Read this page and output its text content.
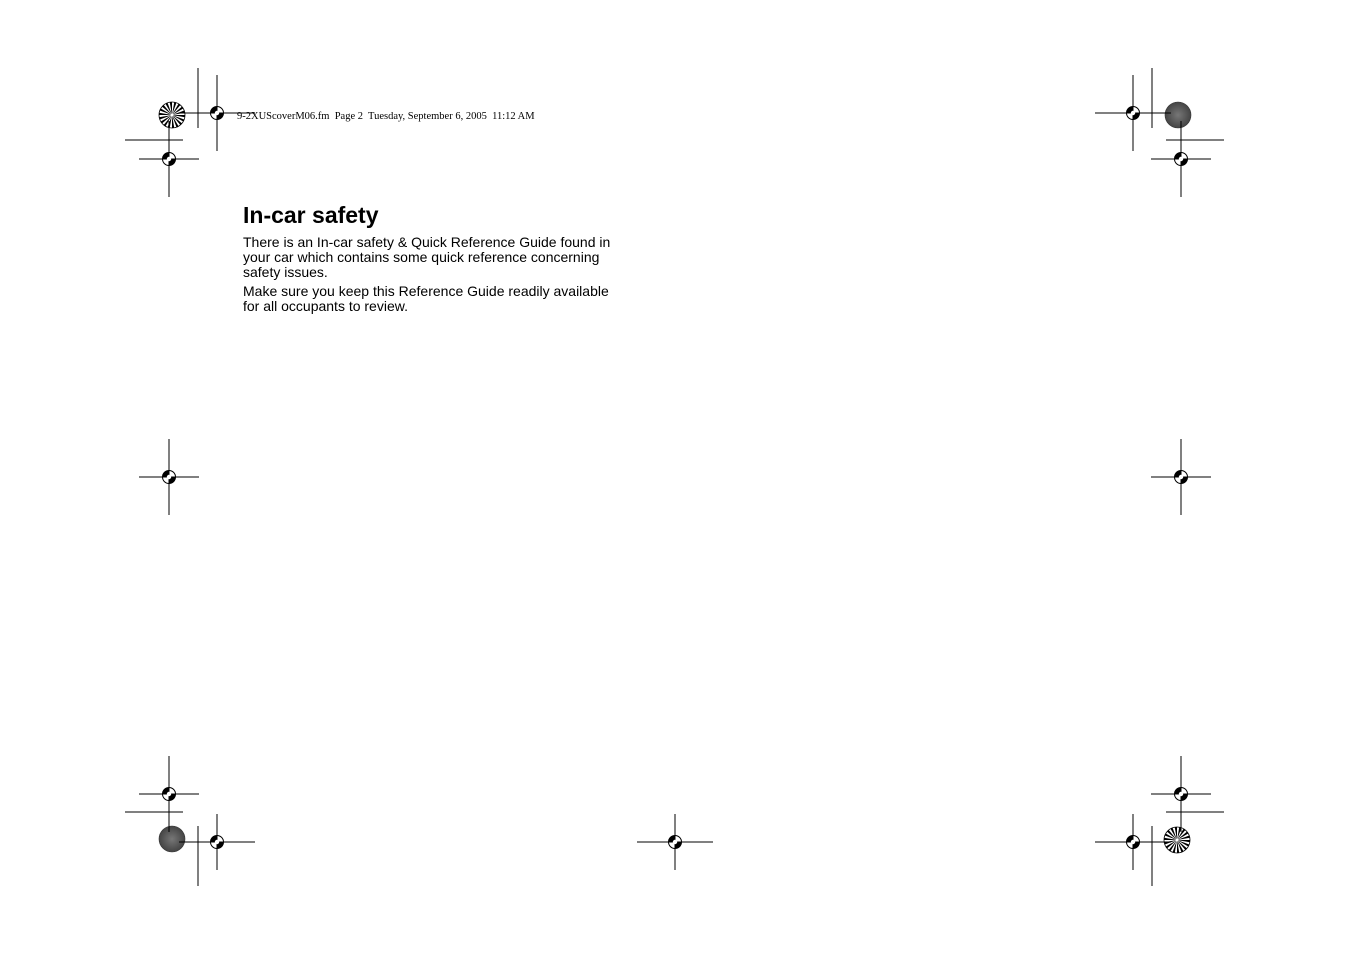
9-2XUScoverM06.fm  Page 2  Tuesday, September 6, 2005  11:12 AM
In-car safety

There is an In-car safety & Quick Reference Guide found in your car which contains some quick reference concerning safety issues.

Make sure you keep this Reference Guide readily available for all occupants to review.
